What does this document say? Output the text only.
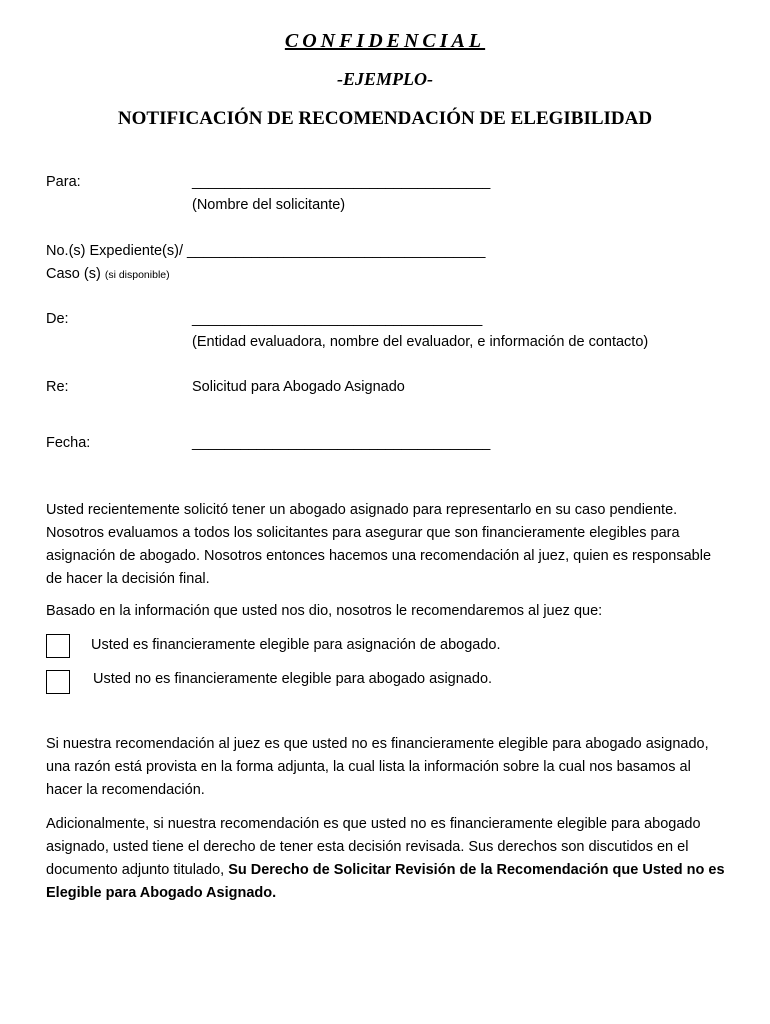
CONFIDENCIAL
-EJEMPLO-
NOTIFICACIÓN DE RECOMENDACIÓN DE ELEGIBILIDAD
Para:	_____________________________________
(Nombre del solicitante)
No.(s) Expediente(s)/ _____________________________________
Caso (s) (si disponible)
De:	____________________________________
(Entidad evaluadora, nombre del evaluador, e información de contacto)
Re:	Solicitud para Abogado Asignado
Fecha:	_____________________________________

Usted recientemente solicitó tener un abogado asignado para representarlo en su caso pendiente. Nosotros evaluamos a todos los solicitantes para asegurar que son financieramente elegibles para asignación de abogado. Nosotros entonces hacemos una recomendación al juez, quien es responsable de hacer la decisión final.

Basado en la información que usted nos dio, nosotros le recomendaremos al juez que:

Usted es financieramente elegible para asignación de abogado.
Usted no es financieramente elegible para abogado asignado.

Si nuestra recomendación al juez es que usted no es financieramente elegible para abogado asignado, una razón está provista en la forma adjunta, la cual lista la información sobre la cual nos basamos al hacer la recomendación.

Adicionalmente, si nuestra recomendación es que usted no es financieramente elegible para abogado asignado, usted tiene el derecho de tener esta decisión revisada. Sus derechos son discutidos en el documento adjunto titulado, Su Derecho de Solicitar Revisión de la Recomendación que Usted no es Elegible para Abogado Asignado.
